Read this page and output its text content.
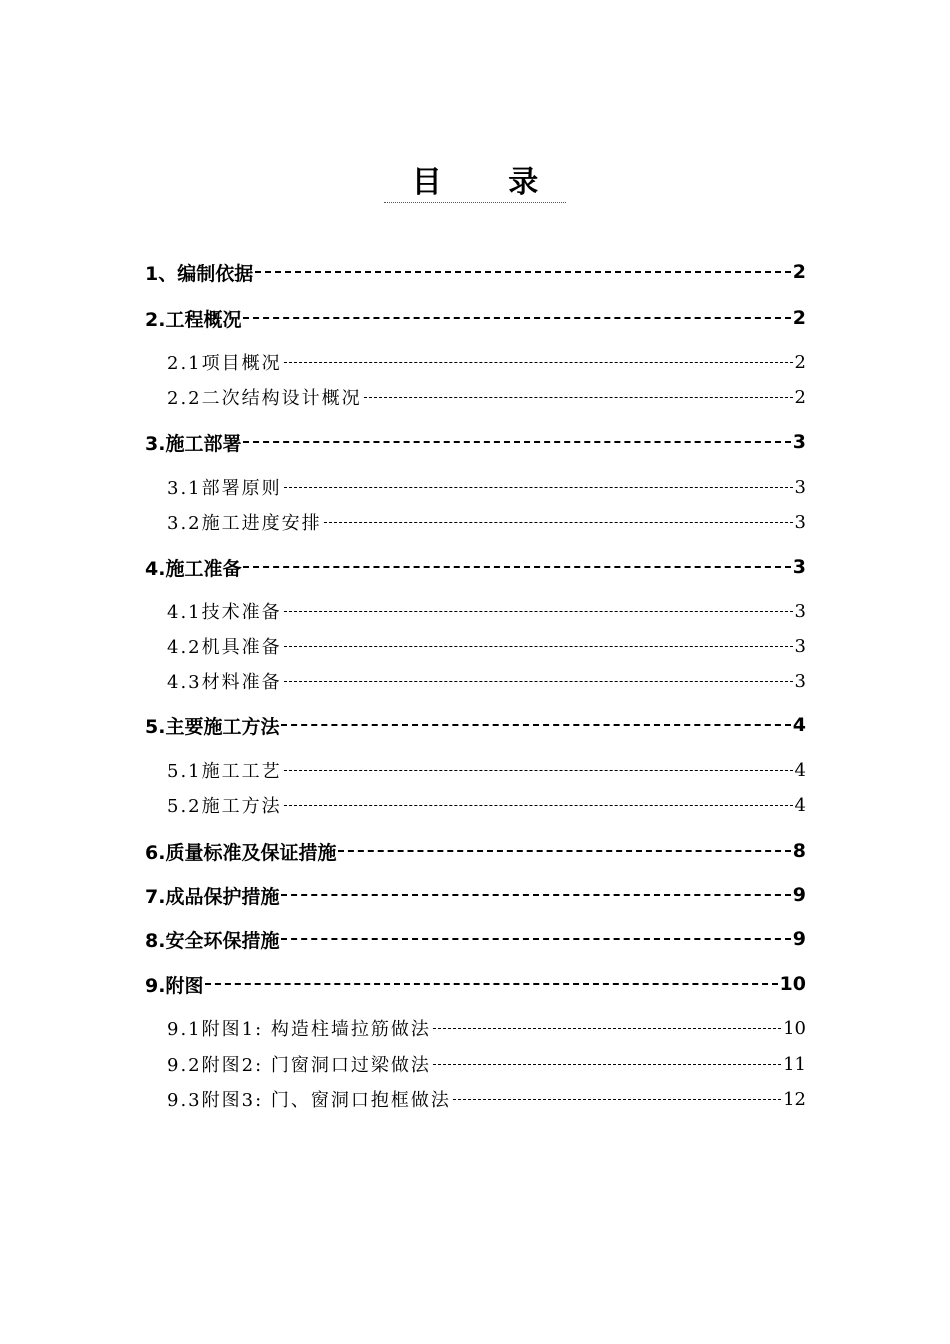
目 录
1、编制依据	2
2.工程概况	2
2.1项目概况	2
2.2二次结构设计概况	2
3.施工部署	3
3.1部署原则	3
3.2施工进度安排	3
4.施工准备	3
4.1技术准备	3
4.2机具准备	3
4.3材料准备	3
5.主要施工方法	4
5.1施工工艺	4
5.2施工方法	4
6.质量标准及保证措施	8
7.成品保护措施	9
8.安全环保措施	9
9.附图	10
9.1附图1: 构造柱墙拉筋做法	10
9.2附图2: 门窗洞口过梁做法	11
9.3附图3: 门、窗洞口抱框做法	12
